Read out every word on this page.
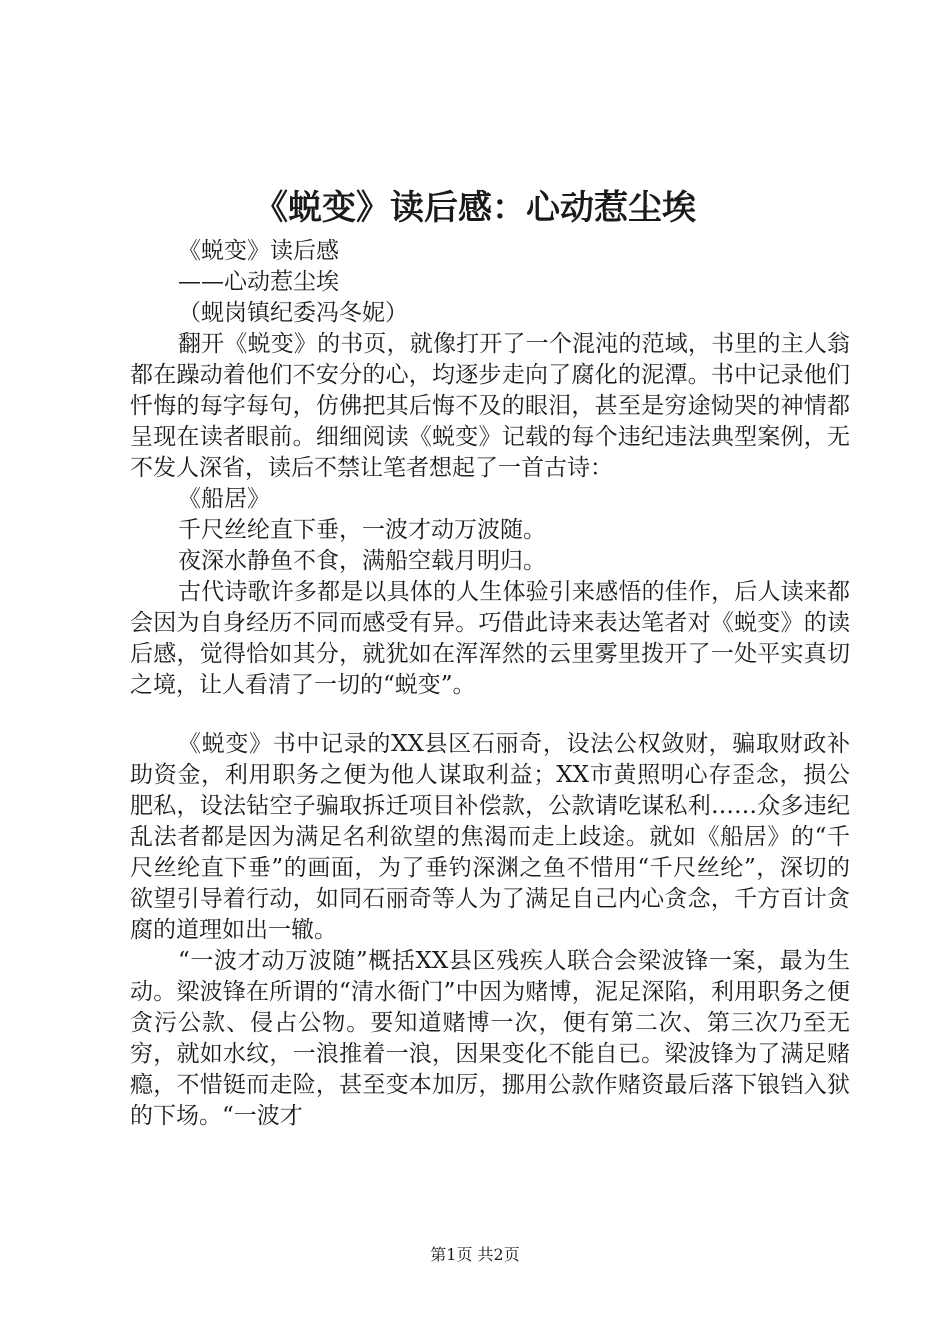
《蜕变》读后感：心动惹尘埃

《蜕变》读后感

——心动惹尘埃

（蚬岗镇纪委冯冬妮）

翻开《蜕变》的书页，就像打开了一个混沌的范域，书里的主人翁都在躁动着他们不安分的心，均逐步走向了腐化的泥潭。书中记录他们忏悔的每字每句，仿佛把其后悔不及的眼泪，甚至是穷途恸哭的神情都呈现在读者眼前。细细阅读《蜕变》记载的每个违纪违法典型案例，无不发人深省，读后不禁让笔者想起了一首古诗：

《船居》

千尺丝纶直下垂，一波才动万波随。

夜深水静鱼不食，满船空载月明归。

古代诗歌许多都是以具体的人生体验引来感悟的佳作，后人读来都会因为自身经历不同而感受有异。巧借此诗来表达笔者对《蜕变》的读后感，觉得恰如其分，就犹如在浑浑然的云里雾里拨开了一处平实真切之境，让人看清了一切的“蜕变”。

《蜕变》书中记录的XX县区石丽奇，设法公权敛财，骗取财政补助资金，利用职务之便为他人谋取利益；XX市黄照明心存歪念，损公肥私，设法钻空子骗取拆迁项目补偿款，公款请吃谋私利……众多违纪乱法者都是因为满足名利欲望的焦渴而走上歧途。就如《船居》的“千尺丝纶直下垂”的画面，为了垂钓深渊之鱼不惜用“千尺丝纶”，深切的欲望引导着行动，如同石丽奇等人为了满足自己内心贪念，千方百计贪腐的道理如出一辙。

“一波才动万波随”概括XX县区残疾人联合会梁波锋一案，最为生动。梁波锋在所谓的“清水衙门”中因为赌博，泥足深陷，利用职务之便贪污公款、侵占公物。要知道赌博一次，便有第二次、第三次乃至无穷，就如水纹，一浪推着一浪，因果变化不能自已。梁波锋为了满足赌瘾，不惜铤而走险，甚至变本加厉，挪用公款作赌资最后落下锒铛入狱的下场。“一波才

第1页 共2页
